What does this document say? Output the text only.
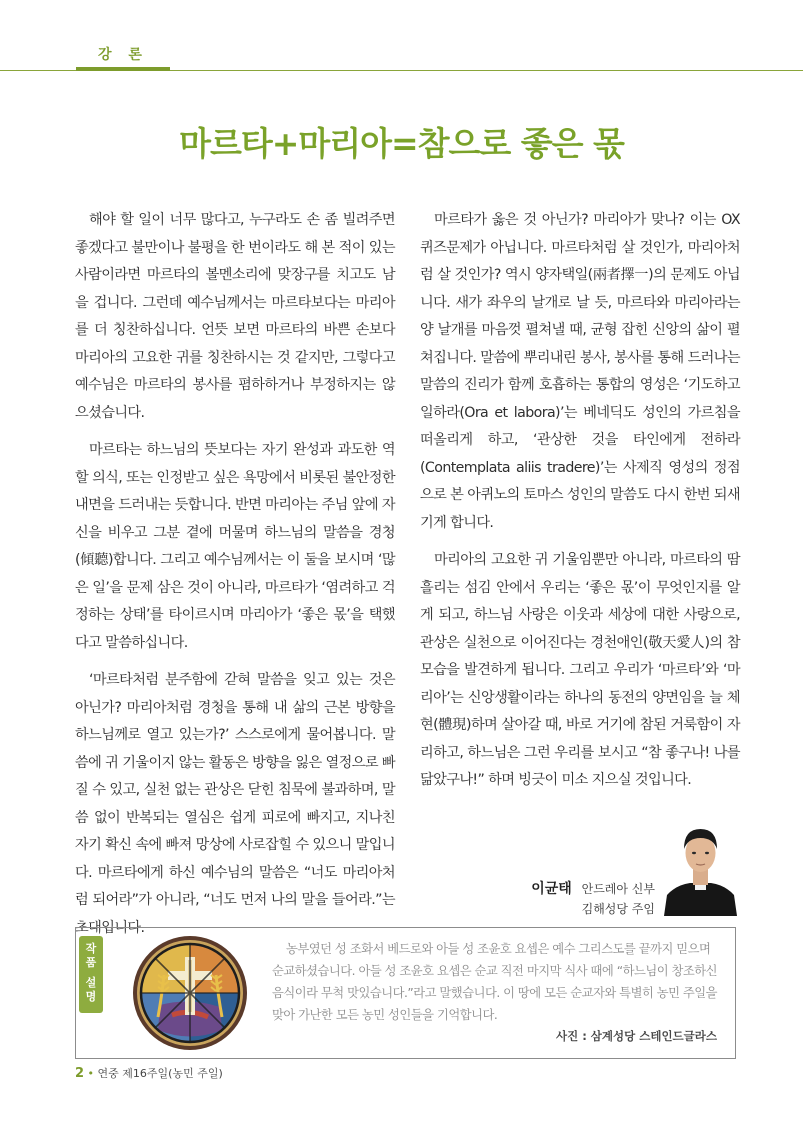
강 론
마르타+마리아=참으로 좋은 몫

해야 할 일이 너무 많다고, 누구라도 손 좀 빌려주면 좋겠다고 불만이나 불평을 한 번이라도 해 본 적이 있는 사람이라면 마르타의 볼멘소리에 맞장구를 치고도 남을 겁니다. 그런데 예수님께서는 마르타보다는 마리아를 더 칭찬하십니다. 언뜻 보면 마르타의 바쁜 손보다 마리아의 고요한 귀를 칭찬하시는 것 같지만, 그렇다고 예수님은 마르타의 봉사를 폄하하거나 부정하지는 않으셨습니다.

마르타는 하느님의 뜻보다는 자기 완성과 과도한 역할 의식, 또는 인정받고 싶은 욕망에서 비롯된 불안정한 내면을 드러내는 듯합니다. 반면 마리아는 주님 앞에 자신을 비우고 그분 곁에 머물며 하느님의 말씀을 경청(傾聽)합니다. 그리고 예수님께서는 이 둘을 보시며 ‘많은 일’을 문제 삼은 것이 아니라, 마르타가 ‘염려하고 걱정하는 상태’를 타이르시며 마리아가 ‘좋은 몫’을 택했다고 말씀하십니다.

‘마르타처럼 분주함에 갇혀 말씀을 잊고 있는 것은 아닌가? 마리아처럼 경청을 통해 내 삶의 근본 방향을 하느님께로 열고 있는가?’ 스스로에게 물어봅니다. 말씀에 귀 기울이지 않는 활동은 방향을 잃은 열정으로 빠질 수 있고, 실천 없는 관상은 닫힌 침묵에 불과하며, 말씀 없이 반복되는 열심은 쉽게 피로에 빠지고, 지나친 자기 확신 속에 빠져 망상에 사로잡힐 수 있으니 말입니다. 마르타에게 하신 예수님의 말씀은 “너도 마리아처럼 되어라”가 아니라, “너도 먼저 나의 말을 들어라.”는 초대입니다.

마르타가 옳은 것 아닌가? 마리아가 맞나? 이는 OX 퀴즈문제가 아닙니다. 마르타처럼 살 것인가, 마리아처럼 살 것인가? 역시 양자택일(兩者擇一)의 문제도 아닙니다. 새가 좌우의 날개로 날 듯, 마르타와 마리아라는 양 날개를 마음껏 펼쳐낼 때, 균형 잡힌 신앙의 삶이 펼쳐집니다. 말씀에 뿌리내린 봉사, 봉사를 통해 드러나는 말씀의 진리가 함께 호흡하는 통합의 영성은 ‘기도하고 일하라(Ora et labora)’는 베네딕도 성인의 가르침을 떠올리게 하고, ‘관상한 것을 타인에게 전하라(Contemplata aliis tradere)’는 사제직 영성의 정점으로 본 아퀴노의 토마스 성인의 말씀도 다시 한번 되새기게 합니다.

마리아의 고요한 귀 기울임뿐만 아니라, 마르타의 땀 흘리는 섬김 안에서 우리는 ‘좋은 몫’이 무엇인지를 알게 되고, 하느님 사랑은 이웃과 세상에 대한 사랑으로, 관상은 실천으로 이어진다는 경천애인(敬天愛人)의 참모습을 발견하게 됩니다. 그리고 우리가 ‘마르타’와 ‘마리아’는 신앙생활이라는 하나의 동전의 양면임을 늘 체현(體現)하며 살아갈 때, 바로 거기에 참된 거룩함이 자리하고, 하느님은 그런 우리를 보시고 “참 좋구나! 나를 닮았구나!” 하며 빙긋이 미소 지으실 것입니다.

이균태 안드레아 신부
김해성당 주임
작 품
설 명

농부였던 성 조화서 베드로와 아들 성 조윤호 요셉은 예수 그리스도를 끝까지 믿으며 순교하셨습니다. 아들 성 조윤호 요셉은 순교 직전 마지막 식사 때에 “하느님이 창조하신 음식이라 무척 맛있습니다.”라고 말했습니다. 이 땅에 모든 순교자와 특별히 농민 주일을 맞아 가난한 모든 농민 성인들을 기억합니다.

사진 : 삼계성당 스테인드글라스
2 • 연중 제16주일(농민 주일)
